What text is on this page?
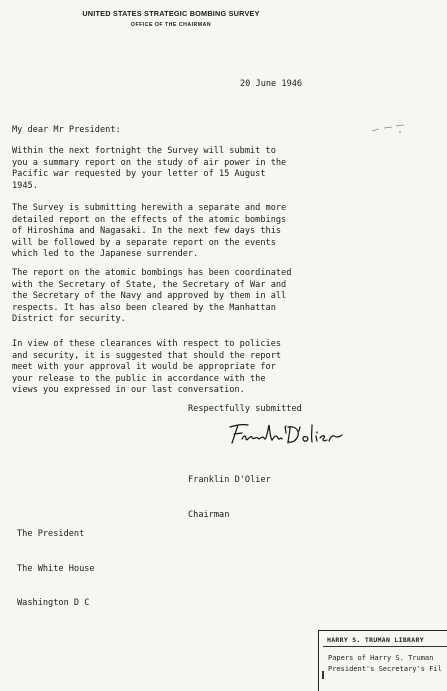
UNITED STATES STRATEGIC BOMBING SURVEY
OFFICE OF THE CHAIRMAN
20 June 1946
My dear Mr President:
Within the next fortnight the Survey will submit to
you a summary report on the study of air power in the
Pacific war requested by your letter of 15 August
1945.
The Survey is submitting herewith a separate and more
detailed report on the effects of the atomic bombings
of Hiroshima and Nagasaki. In the next few days this
will be followed by a separate report on the events
which led to the Japanese surrender.
The report on the atomic bombings has been coordinated
with the Secretary of State, the Secretary of War and
the Secretary of the Navy and approved by them in all
respects. It has also been cleared by the Manhattan
District for security.
In view of these clearances with respect to policies
and security, it is suggested that should the report
meet with your approval it would be appropriate for
your release to the public in accordance with the
views you expressed in our last conversation.
Respectfully submitted

Franklin D'Olier

Chairman

The President

The White House

Washington D C

HARRY S. TRUMAN LIBRARY
Papers of Harry S. Truman
President's Secretary's Fil
